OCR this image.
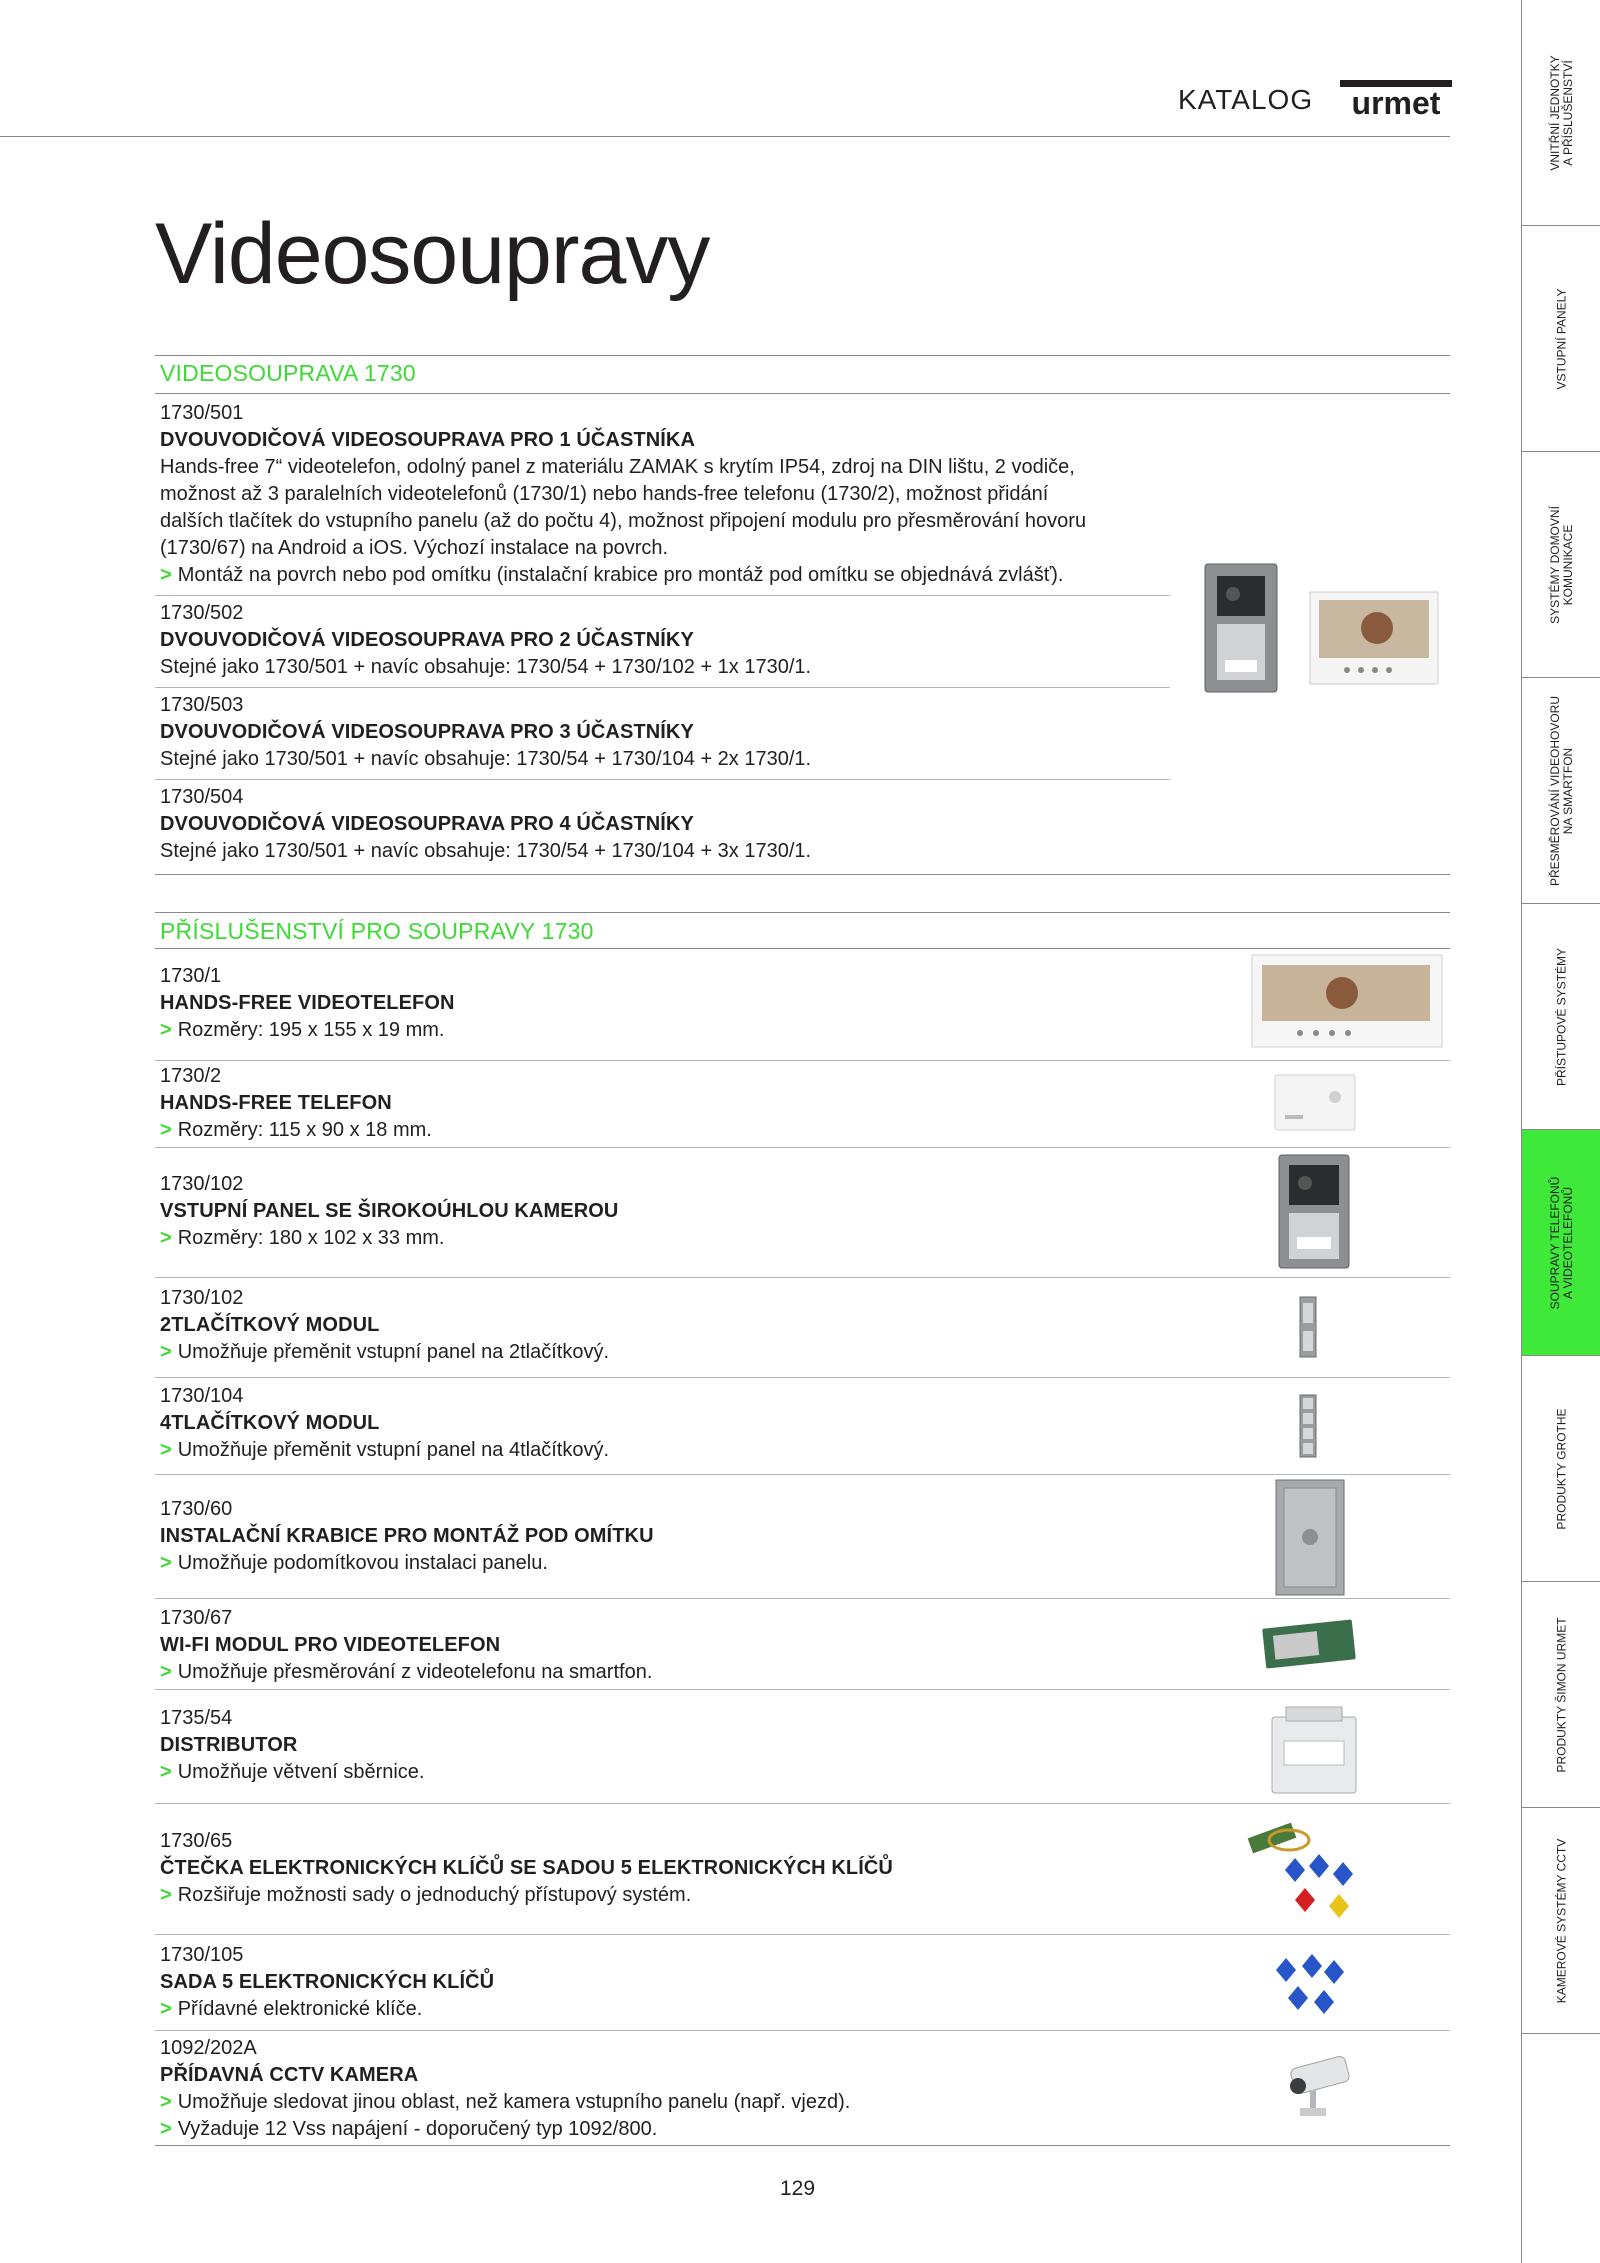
KATALOG urmet
Videosoupravy
VIDEOSOUPRAVA 1730
1730/501
DVOUVODIČOVÁ VIDEOSOUPRAVA PRO 1 ÚČASTNÍKA
Hands-free 7“ videotelefon, odolný panel z materiálu ZAMAK s krytím IP54, zdroj na DIN lištu, 2 vodiče,
možnost až 3 paralelních videotelefonů (1730/1) nebo hands-free telefonu (1730/2), možnost přidání
dalších tlačítek do vstupního panelu (až do počtu 4), možnost připojení modulu pro přesměrování hovoru
(1730/67) na Android a iOS. Výchozí instalace na povrch.
> Montáž na povrch nebo pod omítku (instalační krabice pro montáž pod omítku se objednává zvlášť).
1730/502
DVOUVODIČOVÁ VIDEOSOUPRAVA PRO 2 ÚČASTNÍKY
Stejné jako 1730/501 + navíc obsahuje: 1730/54 + 1730/102 + 1x 1730/1.
1730/503
DVOUVODIČOVÁ VIDEOSOUPRAVA PRO 3 ÚČASTNÍKY
Stejné jako 1730/501 + navíc obsahuje: 1730/54 + 1730/104 + 2x 1730/1.
1730/504
DVOUVODIČOVÁ VIDEOSOUPRAVA PRO 4 ÚČASTNÍKY
Stejné jako 1730/501 + navíc obsahuje: 1730/54 + 1730/104 + 3x 1730/1.
PŘÍSLUŠENSTVÍ PRO SOUPRAVY 1730
1730/1
HANDS-FREE VIDEOTELEFON
> Rozměry: 195 x 155 x 19 mm.
1730/2
HANDS-FREE TELEFON
> Rozměry: 115 x 90 x 18 mm.
1730/102
VSTUPNÍ PANEL SE ŠIROKOÚHLOU KAMEROU
> Rozměry: 180 x 102 x 33 mm.
1730/102
2TLAČÍTKOVÝ MODUL
> Umožňuje přeměnit vstupní panel na 2tlačítkový.
1730/104
4TLAČÍTKOVÝ MODUL
> Umožňuje přeměnit vstupní panel na 4tlačítkový.
1730/60
INSTALAČNÍ KRABICE PRO MONTÁŽ POD OMÍTKU
> Umožňuje podomítkovou instalaci panelu.
1730/67
WI-FI MODUL PRO VIDEOTELEFON
> Umožňuje přesměrování z videotelefonu na smartfon.
1735/54
DISTRIBUTOR
> Umožňuje větvení sběrnice.
1730/65
ČTEČKA ELEKTRONICKÝCH KLÍČŮ SE SADOU 5 ELEKTRONICKÝCH KLÍČŮ
> Rozšiřuje možnosti sady o jednoduchý přístupový systém.
1730/105
SADA 5 ELEKTRONICKÝCH KLÍČŮ
> Přídavné elektronické klíče.
1092/202A
PŘÍDAVNÁ CCTV KAMERA
> Umožňuje sledovat jinou oblast, než kamera vstupního panelu (např. vjezd).
> Vyžaduje 12 Vss napájení - doporučený typ 1092/800.
129
VNITŘNÍ JEDNOTKY A PŘÍSLUŠENSTVÍ
VSTUPNÍ PANELY
SYSTÉMY DOMOVNÍ KOMUNIKACE
PŘESMĚROVÁNÍ VIDEOHOVORU NA SMARTFON
PŘÍSTUPOVÉ SYSTÉMY
SOUPRAVY TELEFONŮ A VIDEOTELEFONŮ
PRODUKTY GROTHE
PRODUKTY ŠIMON URMET
KAMEROVÉ SYSTÉMY CCTV
